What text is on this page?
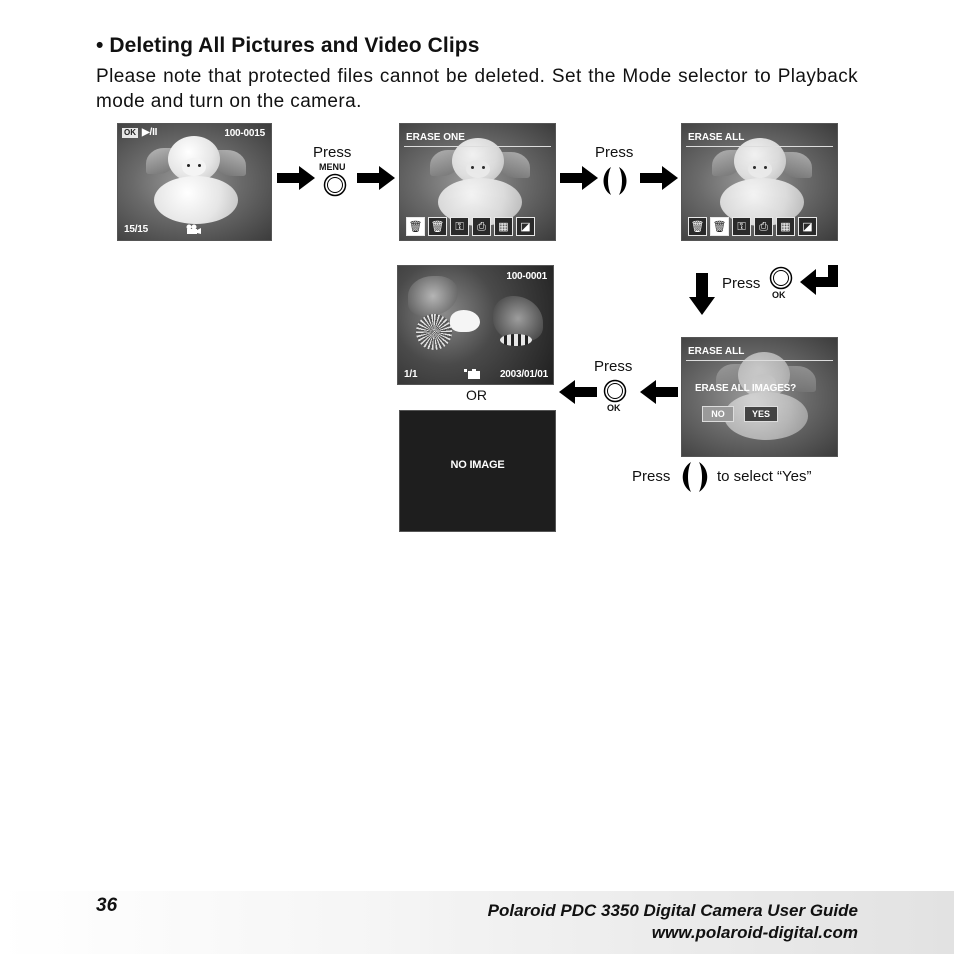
• Deleting All Pictures and Video Clips
Please note that protected files cannot be deleted. Set the Mode selector to Playback mode and turn on the camera.
OK ▶/II	100-0015
15/15
Press
MENU
ERASE ONE
🗑 🗑 ⚿	⎙	▦	◪
Press
ERASE ALL
🗑 🗑 ⚿	⎙	▦	◪
Press
OK
100-0001
1/1	2003/01/01
OR
NO IMAGE
Press
OK
ERASE ALL
ERASE ALL IMAGES?
NO	YES
Press	to select “Yes”
36	Polaroid PDC 3350 Digital Camera User Guide
www.polaroid-digital.com
